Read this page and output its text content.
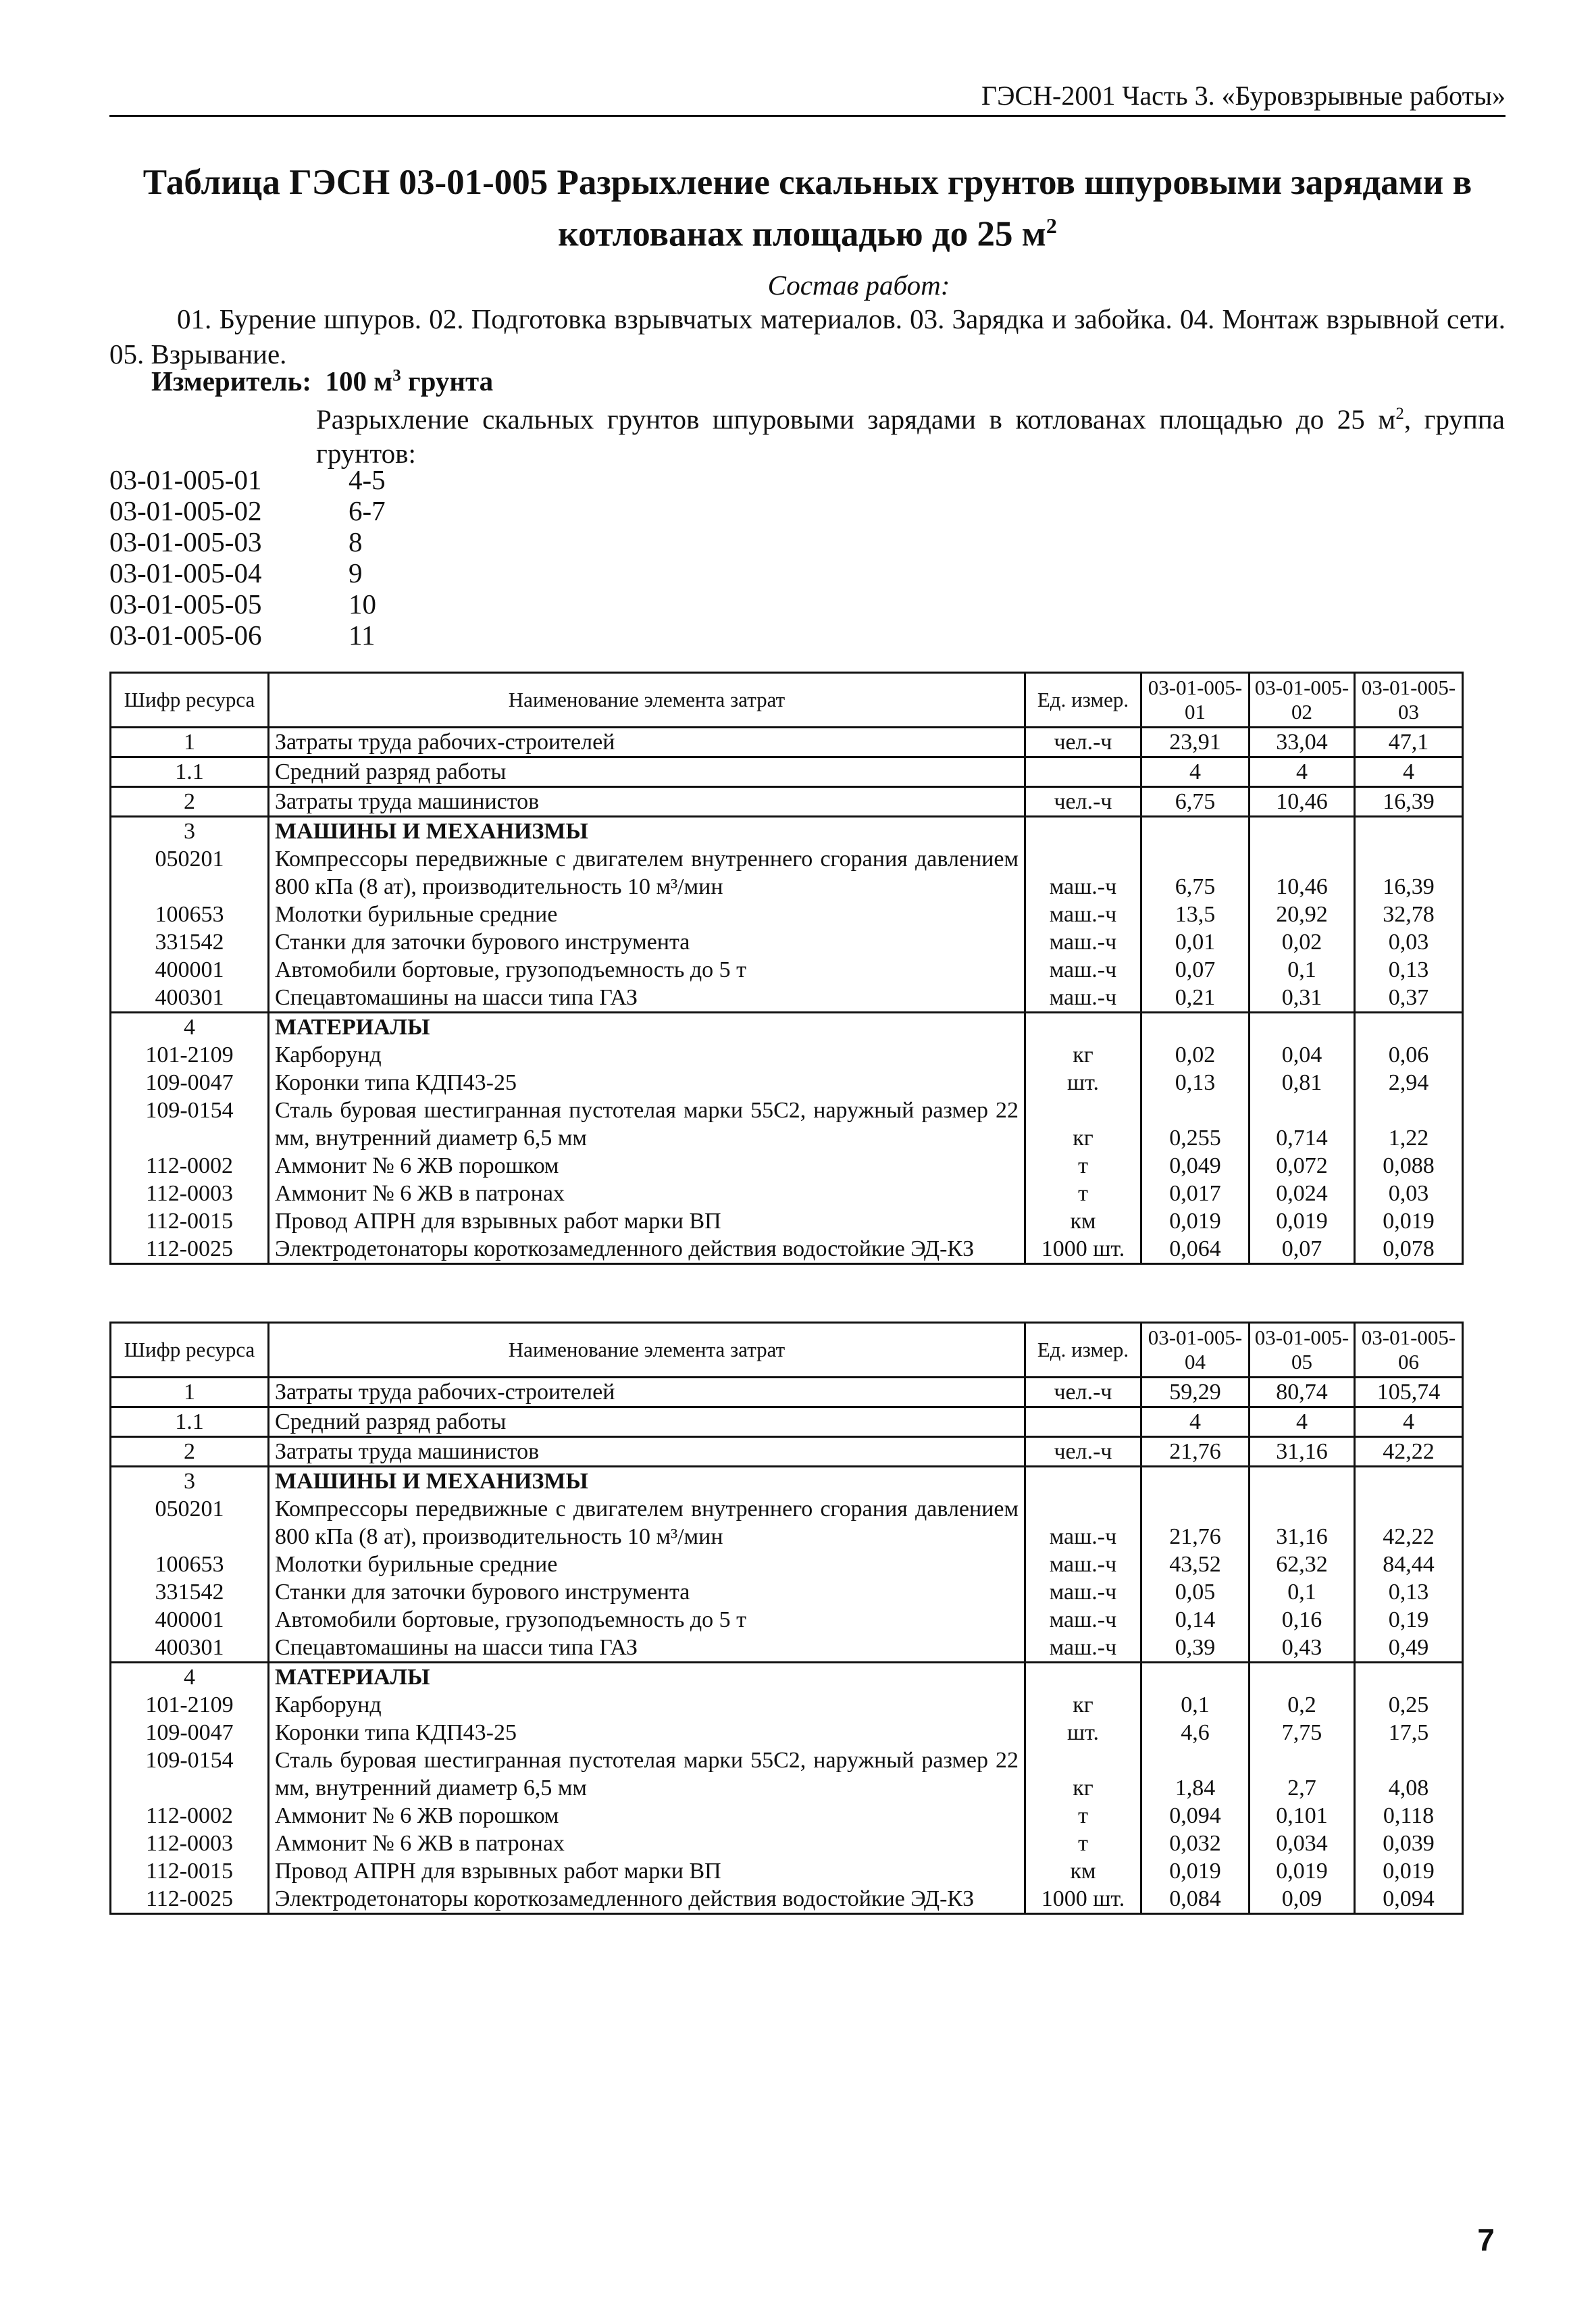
ГЭСН-2001 Часть 3. «Буровзрывные работы»
Таблица ГЭСН 03-01-005 Разрыхление скальных грунтов шпуровыми зарядами в котлованах площадью до 25 $м^2$
Состав работ:
01. Бурение шпуров. 02. Подготовка взрывчатых материалов. 03. Зарядка и забойка. 04. Монтаж взрывной сети. 05. Взрывание.
Измеритель: 100 $м^3$ грунта
Разрыхление скальных грунтов шпуровыми зарядами в котлованах площадью до 25 $м^2$, группа грунтов:
03-01-005-01	4-5
03-01-005-02	6-7
03-01-005-03	8
03-01-005-04	9
03-01-005-05	10
03-01-005-06	11
Шифр ресурса	Наименование элемента затрат	Ед. измер.	03-01-005-01	03-01-005-02	03-01-005-03
1	Затраты труда рабочих-строителей	чел.-ч	23,91	33,04	47,1
1.1	Средний разряд работы		4	4	4
2	Затраты труда машинистов	чел.-ч	6,75	10,46	16,39
3	МАШИНЫ И МЕХАНИЗМЫ				
050201	Компрессоры передвижные с двигателем внутреннего сгорания давлением 800 кПа (8 ат), производительность 10 м³/мин	маш.-ч	6,75	10,46	16,39
100653	Молотки бурильные средние	маш.-ч	13,5	20,92	32,78
331542	Станки для заточки бурового инструмента	маш.-ч	0,01	0,02	0,03
400001	Автомобили бортовые, грузоподъемность до 5 т	маш.-ч	0,07	0,1	0,13
400301	Спецавтомашины на шасси типа ГАЗ	маш.-ч	0,21	0,31	0,37
4	МАТЕРИАЛЫ				
101-2109	Карборунд	кг	0,02	0,04	0,06
109-0047	Коронки типа КДП43-25	шт.	0,13	0,81	2,94
109-0154	Сталь буровая шестигранная пустотелая марки 55С2, наружный размер 22 мм, внутренний диаметр 6,5 мм	кг	0,255	0,714	1,22
112-0002	Аммонит № 6 ЖВ порошком	т	0,049	0,072	0,088
112-0003	Аммонит № 6 ЖВ в патронах	т	0,017	0,024	0,03
112-0015	Провод АПРН для взрывных работ марки ВП	км	0,019	0,019	0,019
112-0025	Электродетонаторы короткозамедленного действия водостойкие ЭД-КЗ	1000 шт.	0,064	0,07	0,078
Шифр ресурса	Наименование элемента затрат	Ед. измер.	03-01-005-04	03-01-005-05	03-01-005-06
1	Затраты труда рабочих-строителей	чел.-ч	59,29	80,74	105,74
1.1	Средний разряд работы		4	4	4
2	Затраты труда машинистов	чел.-ч	21,76	31,16	42,22
3	МАШИНЫ И МЕХАНИЗМЫ				
050201	Компрессоры передвижные с двигателем внутреннего сгорания давлением 800 кПа (8 ат), производительность 10 м³/мин	маш.-ч	21,76	31,16	42,22
100653	Молотки бурильные средние	маш.-ч	43,52	62,32	84,44
331542	Станки для заточки бурового инструмента	маш.-ч	0,05	0,1	0,13
400001	Автомобили бортовые, грузоподъемность до 5 т	маш.-ч	0,14	0,16	0,19
400301	Спецавтомашины на шасси типа ГАЗ	маш.-ч	0,39	0,43	0,49
4	МАТЕРИАЛЫ				
101-2109	Карборунд	кг	0,1	0,2	0,25
109-0047	Коронки типа КДП43-25	шт.	4,6	7,75	17,5
109-0154	Сталь буровая шестигранная пустотелая марки 55С2, наружный размер 22 мм, внутренний диаметр 6,5 мм	кг	1,84	2,7	4,08
112-0002	Аммонит № 6 ЖВ порошком	т	0,094	0,101	0,118
112-0003	Аммонит № 6 ЖВ в патронах	т	0,032	0,034	0,039
112-0015	Провод АПРН для взрывных работ марки ВП	км	0,019	0,019	0,019
112-0025	Электродетонаторы короткозамедленного действия водостойкие ЭД-КЗ	1000 шт.	0,084	0,09	0,094
7
